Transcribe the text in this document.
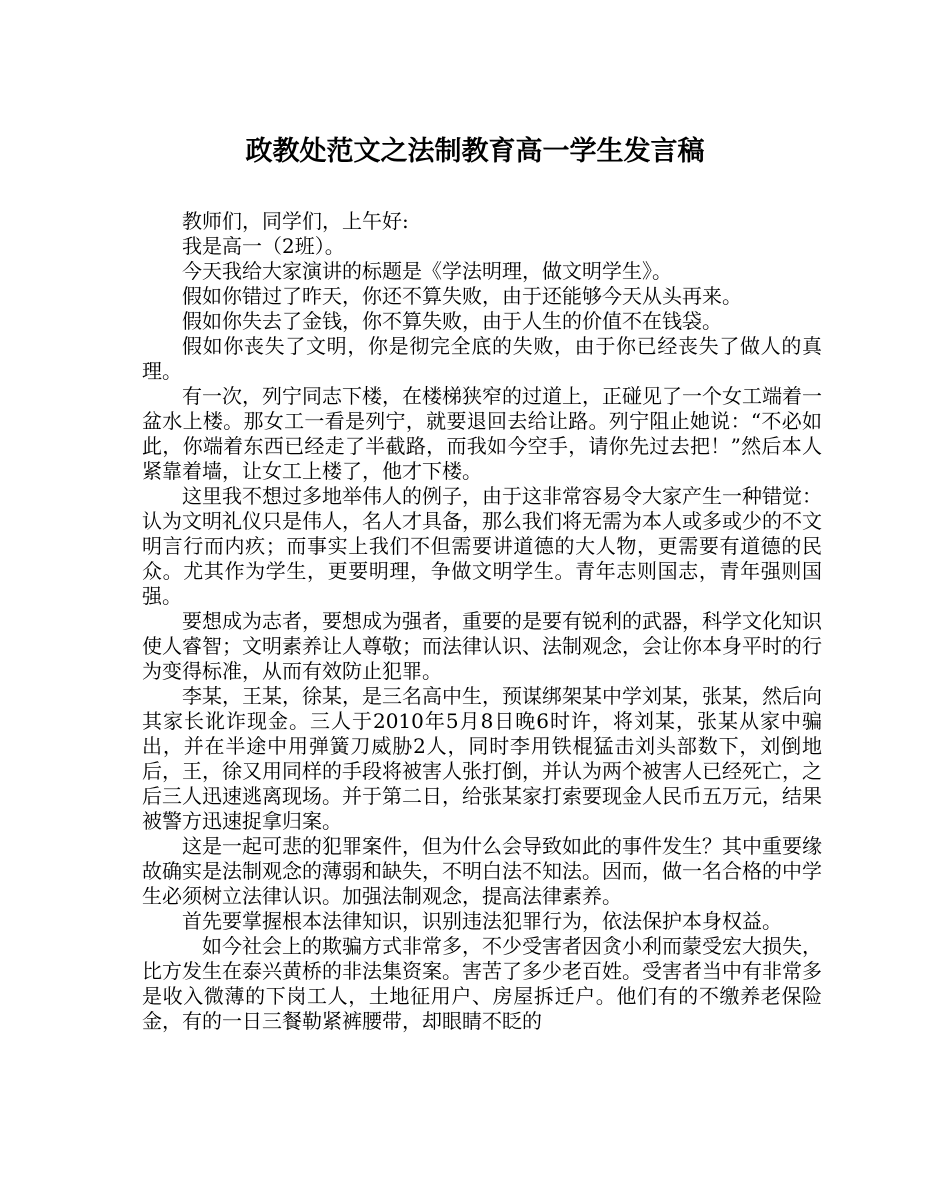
政教处范文之法制教育高一学生发言稿

教师们，同学们，上午好:

我是高一（2班）。

今天我给大家演讲的标题是《学法明理，做文明学生》。

假如你错过了昨天，你还不算失败，由于还能够今天从头再来。

假如你失去了金钱，你不算失败，由于人生的价值不在钱袋。

假如你丧失了文明，你是彻完全底的失败，由于你已经丧失了做人的真理。

有一次，列宁同志下楼，在楼梯狭窄的过道上，正碰见了一个女工端着一盆水上楼。那女工一看是列宁，就要退回去给让路。列宁阻止她说：“不必如此，你端着东西已经走了半截路，而我如今空手，请你先过去把！”然后本人紧靠着墙，让女工上楼了，他才下楼。

这里我不想过多地举伟人的例子，由于这非常容易令大家产生一种错觉：认为文明礼仪只是伟人，名人才具备，那么我们将无需为本人或多或少的不文明言行而内疚；而事实上我们不但需要讲道德的大人物，更需要有道德的民众。尤其作为学生，更要明理，争做文明学生。青年志则国志，青年强则国强。

要想成为志者，要想成为强者，重要的是要有锐利的武器，科学文化知识使人睿智；文明素养让人尊敬；而法律认识、法制观念，会让你本身平时的行为变得标准，从而有效防止犯罪。

李某，王某，徐某，是三名高中生，预谋绑架某中学刘某，张某，然后向其家长讹诈现金。三人于2010年5月8日晚6时许，将刘某，张某从家中骗出，并在半途中用弹簧刀威胁2人，同时李用铁棍猛击刘头部数下，刘倒地后，王，徐又用同样的手段将被害人张打倒，并认为两个被害人已经死亡，之后三人迅速逃离现场。并于第二日，给张某家打索要现金人民币五万元，结果被警方迅速捉拿归案。

这是一起可悲的犯罪案件，但为什么会导致如此的事件发生？其中重要缘故确实是法制观念的薄弱和缺失，不明白法不知法。因而，做一名合格的中学生必须树立法律认识。加强法制观念，提高法律素养。

首先要掌握根本法律知识，识别违法犯罪行为，依法保护本身权益。

如今社会上的欺骗方式非常多，不少受害者因贪小利而蒙受宏大损失，比方发生在泰兴黄桥的非法集资案。害苦了多少老百姓。受害者当中有非常多是收入微薄的下岗工人，土地征用户、房屋拆迁户。他们有的不缴养老保险金，有的一日三餐勒紧裤腰带，却眼睛不眨的
